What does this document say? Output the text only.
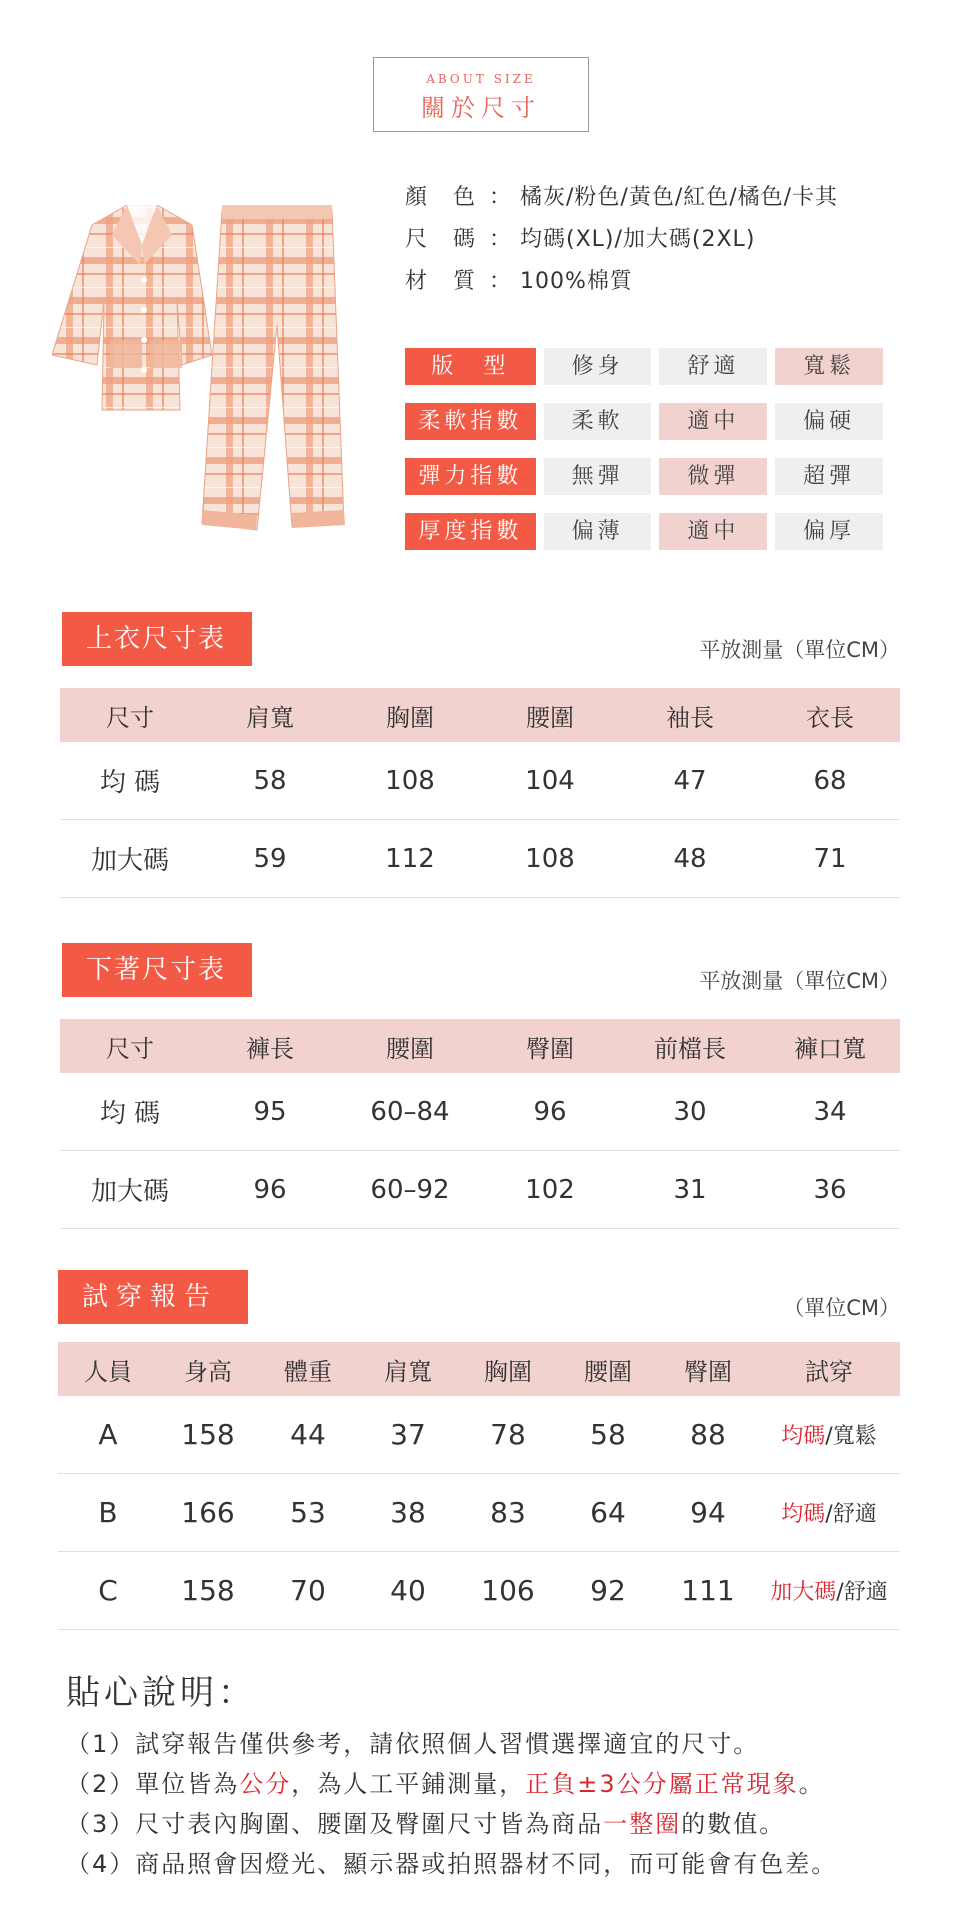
ABOUT SIZE
關於尺寸
顏 色 ： 橘灰/粉色/黃色/紅色/橘色/卡其
尺 碼 ： 均碼(XL)/加大碼(2XL)
材 質 ： 100%棉質
版　型	修身	舒適	寬鬆
柔軟指數	柔軟	適中	偏硬
彈力指數	無彈	微彈	超彈
厚度指數	偏薄	適中	偏厚
上衣尺寸表	平放測量（單位CM）
尺寸	肩寬	胸圍	腰圍	袖長	衣長
均 碼	58	108	104	47	68
加大碼	59	112	108	48	71
下著尺寸表	平放測量（單位CM）
尺寸	褲長	腰圍	臀圍	前檔長	褲口寬
均 碼	95	60–84	96	30	34
加大碼	96	60–92	102	31	36
試穿報告	（單位CM）
人員	身高	體重	肩寬	胸圍	腰圍	臀圍	試穿
A	158	44	37	78	58	88	均碼/寬鬆
B	166	53	38	83	64	94	均碼/舒適
C	158	70	40	106	92	111	加大碼/舒適
貼心說明：
（1）試穿報告僅供參考，請依照個人習慣選擇適宜的尺寸。
（2）單位皆為公分，為人工平鋪測量，正負±3公分屬正常現象。
（3）尺寸表內胸圍、腰圍及臀圍尺寸皆為商品一整圈的數值。
（4）商品照會因燈光、顯示器或拍照器材不同，而可能會有色差。
